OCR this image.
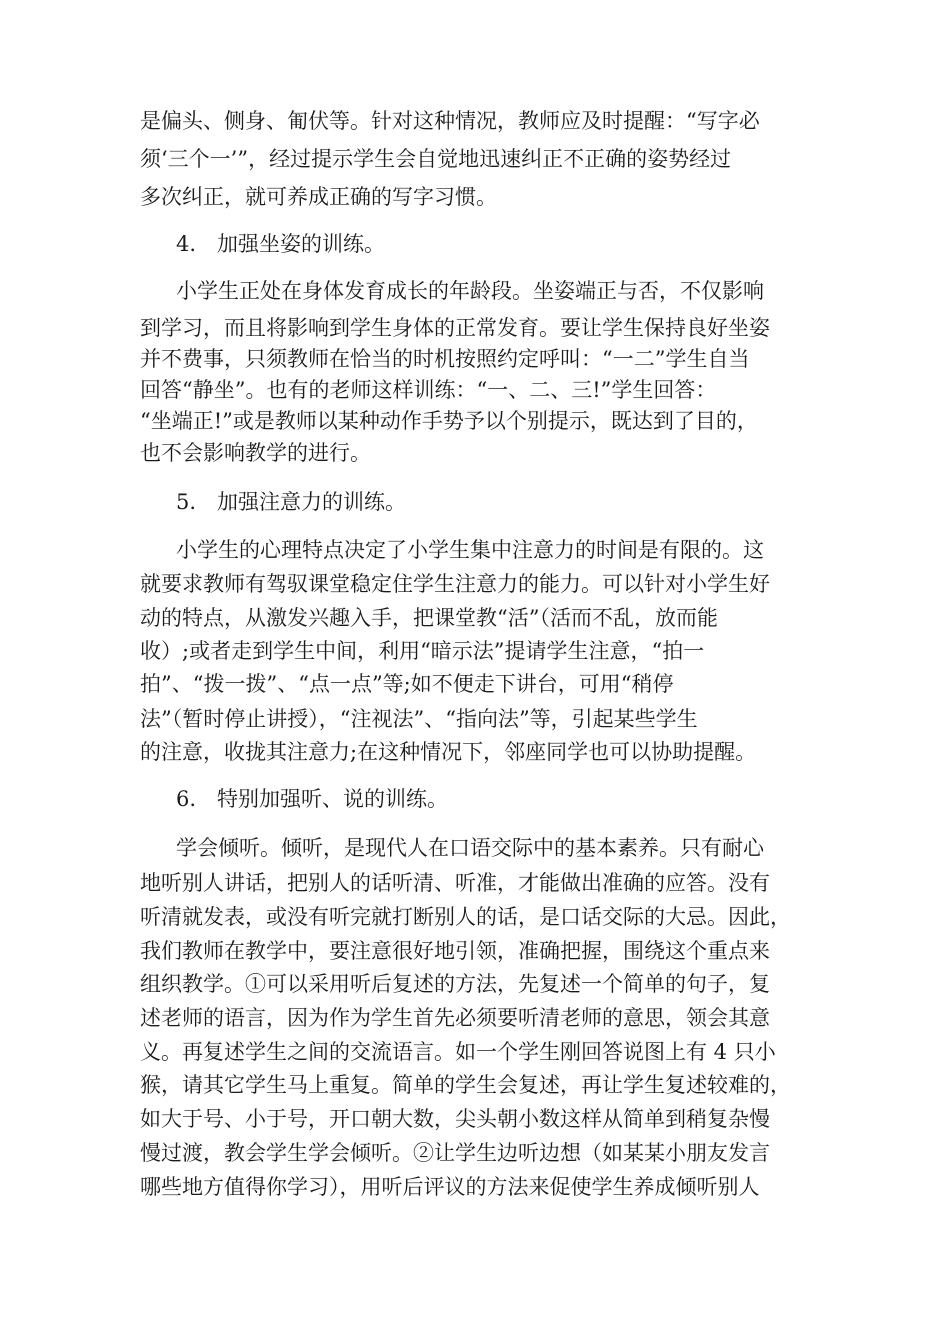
是偏头、侧身、匍伏等。针对这种情况，教师应及时提醒：“写字必

须‘三个一’”，经过提示学生会自觉地迅速纠正不正确的姿势经过

多次纠正，就可养成正确的写字习惯。

4.　加强坐姿的训练。

小学生正处在身体发育成长的年龄段。坐姿端正与否，不仅影响

到学习，而且将影响到学生身体的正常发育。要让学生保持良好坐姿

并不费事，只须教师在恰当的时机按照约定呼叫：“一二”学生自当

回答“静坐”。也有的老师这样训练：“一、二、三!”学生回答：

“坐端正!”或是教师以某种动作手势予以个别提示，既达到了目的，

也不会影响教学的进行。

5.　加强注意力的训练。

小学生的心理特点决定了小学生集中注意力的时间是有限的。这

就要求教师有驾驭课堂稳定住学生注意力的能力。可以针对小学生好

动的特点，从激发兴趣入手，把课堂教“活”（活而不乱，放而能

收）;或者走到学生中间，利用“暗示法”提请学生注意，“拍一

拍”、“拨一拨”、“点一点”等;如不便走下讲台，可用“稍停

法”（暂时停止讲授），“注视法”、“指向法”等，引起某些学生

的注意，收拢其注意力;在这种情况下，邻座同学也可以协助提醒。

6.　特别加强听、说的训练。

学会倾听。倾听，是现代人在口语交际中的基本素养。只有耐心

地听别人讲话，把别人的话听清、听准，才能做出准确的应答。没有

听清就发表，或没有听完就打断别人的话，是口话交际的大忌。因此，

我们教师在教学中，要注意很好地引领，准确把握，围绕这个重点来

组织教学。①可以采用听后复述的方法，先复述一个简单的句子，复

述老师的语言，因为作为学生首先必须要听清老师的意思，领会其意

义。再复述学生之间的交流语言。如一个学生刚回答说图上有 4 只小

猴，请其它学生马上重复。简单的学生会复述，再让学生复述较难的，

如大于号、小于号，开口朝大数，尖头朝小数这样从简单到稍复杂慢

慢过渡，教会学生学会倾听。②让学生边听边想（如某某小朋友发言

哪些地方值得你学习），用听后评议的方法来促使学生养成倾听别人
